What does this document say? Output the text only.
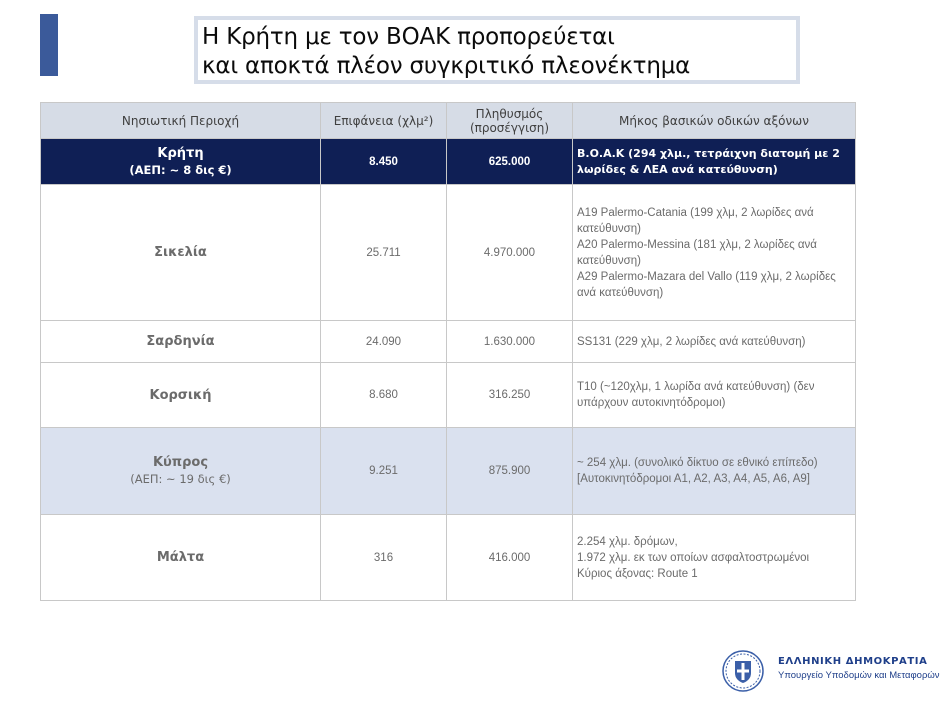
Η Κρήτη με τον ΒΟΑΚ προπορεύεται
και αποκτά πλέον συγκριτικό πλεονέκτημα
Νησιωτική Περιοχή	Επιφάνεια (χλμ²)	Πληθυσμός (προσέγγιση)	Μήκος βασικών οδικών αξόνων
Κρήτη
(ΑΕΠ: ~ 8 δις €)	8.450	625.000	Β.Ο.Α.Κ (294 χλμ., τετράιχνη διατομή με 2 λωρίδες & ΛΕΑ ανά κατεύθυνση)

Σικελία	25.711	4.970.000	A19 Palermo-Catania (199 χλμ, 2 λωρίδες ανά κατεύθυνση)
A20 Palermo-Messina (181 χλμ, 2 λωρίδες ανά κατεύθυνση)
A29 Palermo-Mazara del Vallo (119 χλμ, 2 λωρίδες ανά κατεύθυνση)

Σαρδηνία	24.090	1.630.000	SS131 (229 χλμ, 2 λωρίδες ανά κατεύθυνση)

Κορσική	8.680	316.250	T10 (~120χλμ, 1 λωρίδα ανά κατεύθυνση) (δεν υπάρχουν αυτοκινητόδρομοι)

Κύπρος
(ΑΕΠ: ~ 19 δις €)	9.251	875.900	~ 254 χλμ. (συνολικό δίκτυο σε εθνικό επίπεδο)
[Αυτοκινητόδρομοι Α1, Α2, Α3, Α4, Α5, Α6, Α9]

Μάλτα	316	416.000	2.254 χλμ. δρόμων,
1.972 χλμ. εκ των οποίων ασφαλτοστρωμένοι
Κύριος άξονας: Route 1
ΕΛΛΗΝΙΚΗ ΔΗΜΟΚΡΑΤΙΑ
Υπουργείο Υποδομών και Μεταφορών
